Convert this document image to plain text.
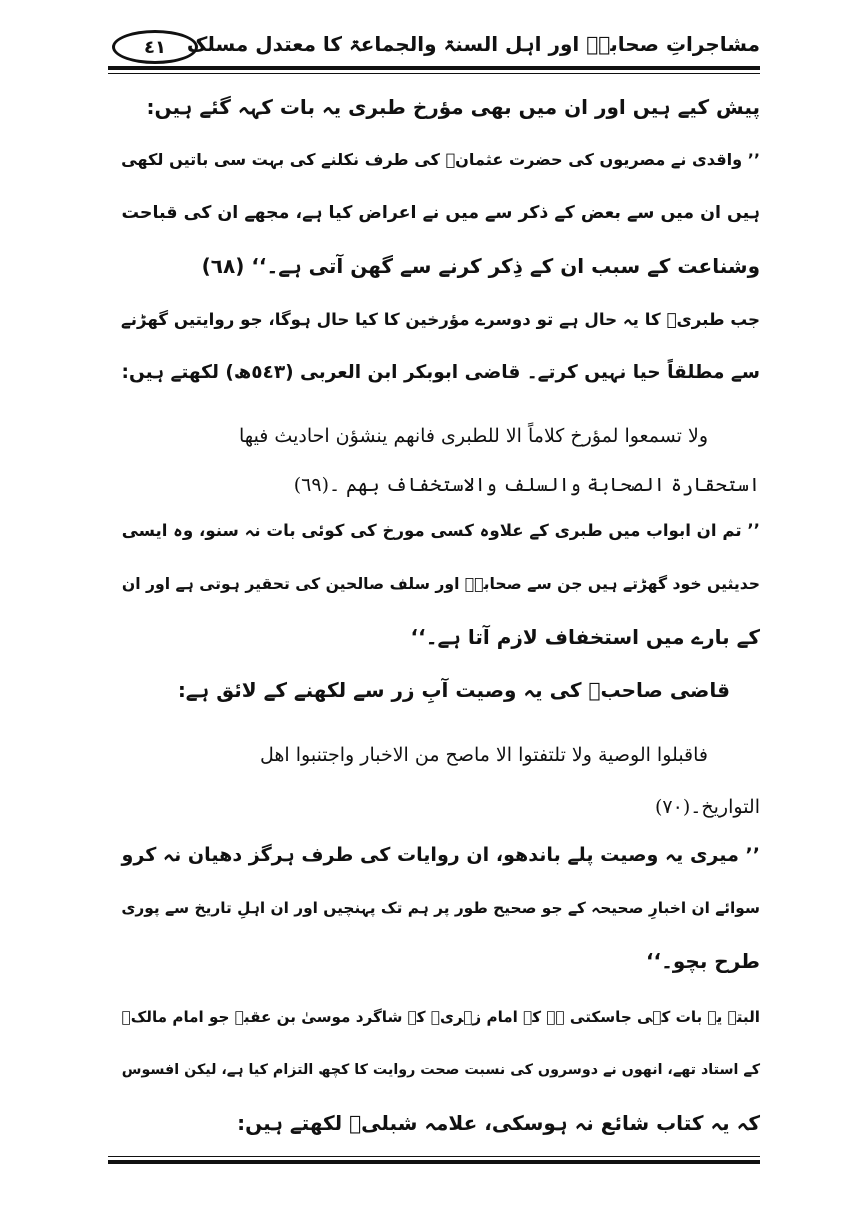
٤١	مشاجراتِ صحابہؓ اور اہل السنۃ والجماعۃ کا معتدل مسلک
پیش کیے ہیں اور ان میں بھی مؤرخ طبری یہ بات کہہ گئے ہیں:
’’ واقدی نے مصریوں کی حضرت عثمانؓ کی طرف نکلنے کی بہت سی باتیں لکھی
ہیں ان میں سے بعض کے ذکر سے میں نے اعراض کیا ہے، مجھے ان کی قباحت
وشناعت کے سبب ان کے ذِکر کرنے سے گھن آتی ہے۔‘‘ (٦٨)
جب طبریؒ کا یہ حال ہے تو دوسرے مؤرخین کا کیا حال ہوگا، جو روایتیں گھڑنے
سے مطلقاً حیا نہیں کرتے۔ قاضی ابوبکر ابن العربی (٥٤٣ھ) لکھتے ہیں:
ولا تسمعوا لمؤرخ کلاماً الا للطبری فانهم ینشؤن احادیث فیها
استحقارة الصحابة والسلف والاستخفاف بهم ۔(٦٩)
’’ تم ان ابواب میں طبری کے علاوہ کسی مورخ کی کوئی بات نہ سنو، وہ ایسی
حدیثیں خود گھڑتے ہیں جن سے صحابہؓ اور سلف صالحین کی تحقیر ہوتی ہے اور ان
کے بارے میں استخفاف لازم آتا ہے۔‘‘
قاضی صاحبؒ کی یہ وصیت آبِ زر سے لکھنے کے لائق ہے:
فاقبلوا الوصیة ولا تلتفتوا الا ماصح من الاخبار واجتنبوا اهل
التواریخ۔(٧٠)
’’ میری یہ وصیت پلے باندھو، ان روایات کی طرف ہرگز دھیان نہ کرو
سوائے ان اخبارِ صحیحہ کے جو صحیح طور پر ہم تک پہنچیں اور ان اہلِ تاریخ سے پوری
طرح بچو۔‘‘
البتہ یہ بات کہی جاسکتی ہے کہ امام زہریؒ کے شاگرد موسیٰ بن عقبہ جو امام مالکؒ
کے استاد تھے، انھوں نے دوسروں کی نسبت صحت روایت کا کچھ التزام کیا ہے، لیکن افسوس
کہ یہ کتاب شائع نہ ہوسکی، علامہ شبلیؒ لکھتے ہیں:
